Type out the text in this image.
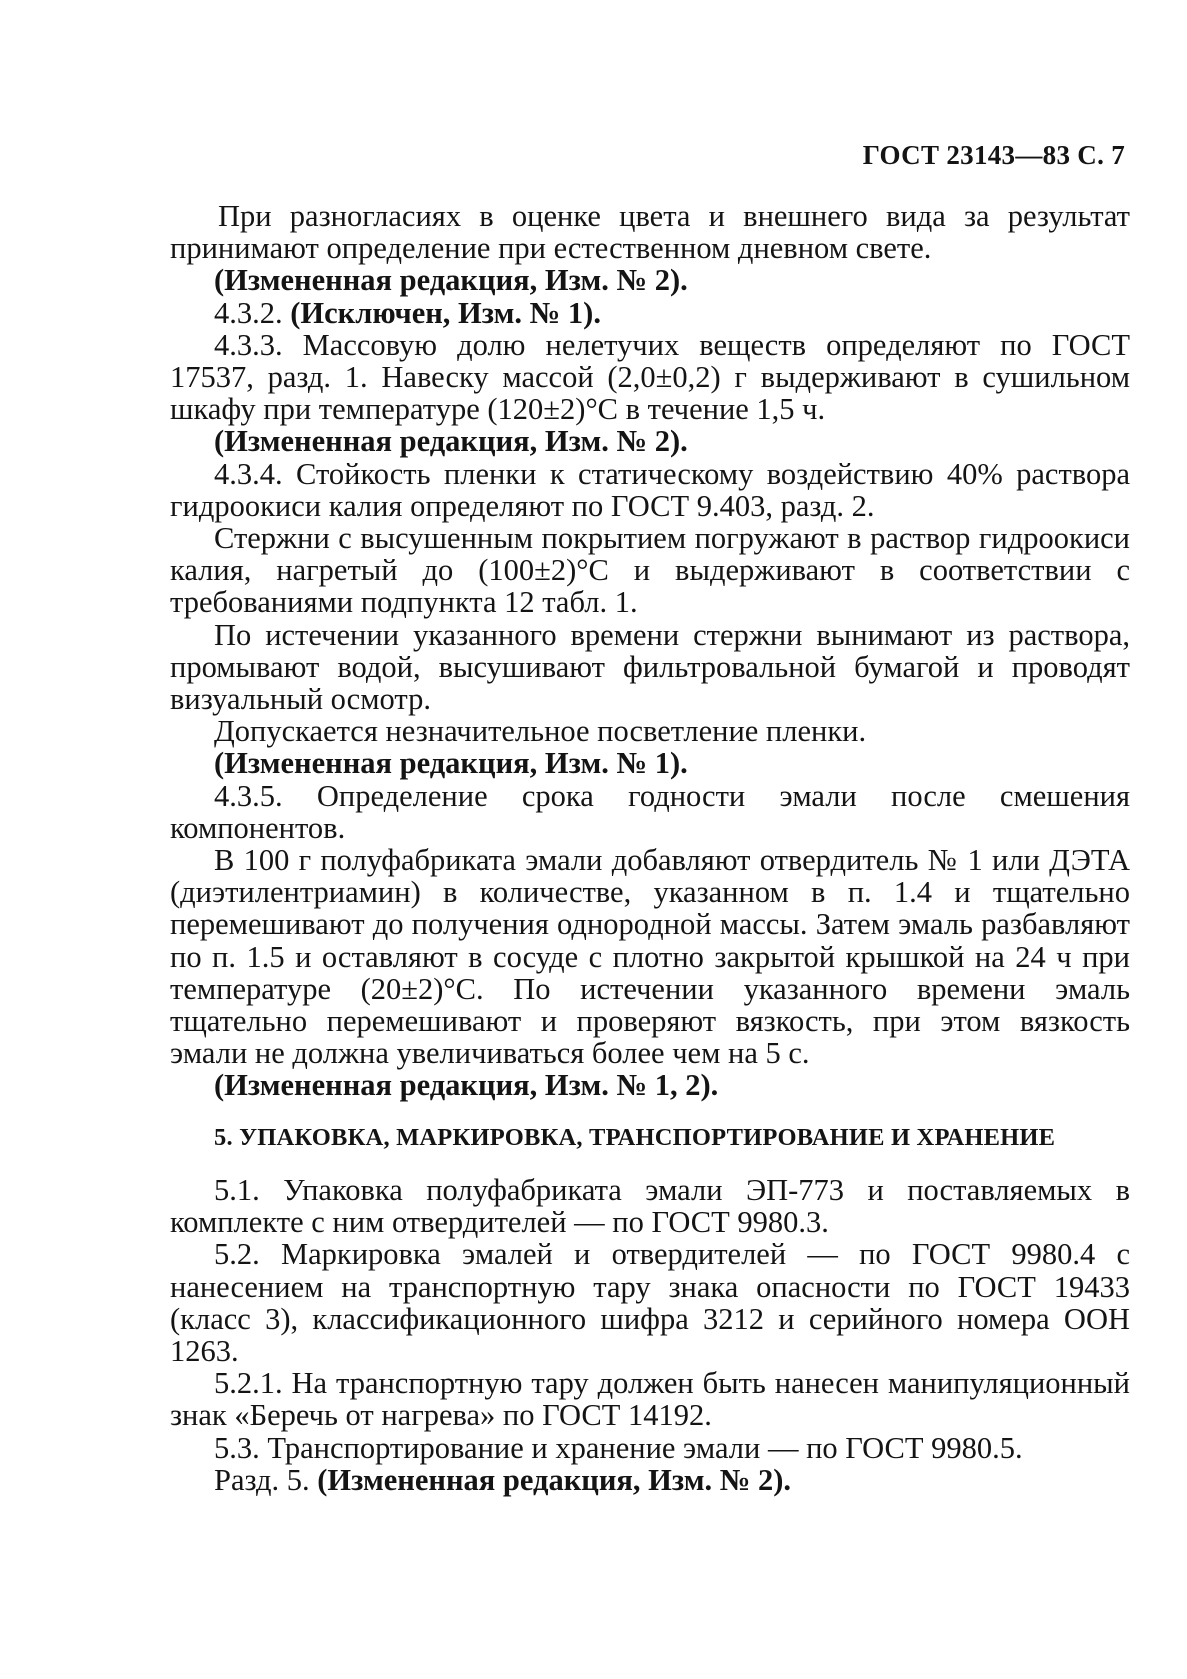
ГОСТ 23143—83 С. 7

При разногласиях в оценке цвета и внешнего вида за результат принимают определение при естественном дневном свете.

(Измененная редакция, Изм. № 2).

4.3.2. (Исключен, Изм. № 1).

4.3.3. Массовую долю нелетучих веществ определяют по ГОСТ 17537, разд. 1. Навеску массой (2,0±0,2) г выдерживают в сушильном шкафу при температуре (120±2)°С в течение 1,5 ч.

(Измененная редакция, Изм. № 2).

4.3.4. Стойкость пленки к статическому воздействию 40% раствора гидроокиси калия определяют по ГОСТ 9.403, разд. 2.

Стержни с высушенным покрытием погружают в раствор гидроокиси калия, нагретый до (100±2)°С и выдерживают в соответствии с требованиями подпункта 12 табл. 1.

По истечении указанного времени стержни вынимают из раствора, промывают водой, высушивают фильтровальной бумагой и проводят визуальный осмотр.

Допускается незначительное посветление пленки.

(Измененная редакция, Изм. № 1).

4.3.5. Определение срока годности эмали после смешения компонентов.

В 100 г полуфабриката эмали добавляют отвердитель № 1 или ДЭТА (диэтилентриамин) в количестве, указанном в п. 1.4 и тщательно перемешивают до получения однородной массы. Затем эмаль разбавляют по п. 1.5 и оставляют в сосуде с плотно закрытой крышкой на 24 ч при температуре (20±2)°С. По истечении указанного времени эмаль тщательно перемешивают и проверяют вязкость, при этом вязкость эмали не должна увеличиваться более чем на 5 с.

(Измененная редакция, Изм. № 1, 2).

5. УПАКОВКА, МАРКИРОВКА, ТРАНСПОРТИРОВАНИЕ И ХРАНЕНИЕ

5.1. Упаковка полуфабриката эмали ЭП-773 и поставляемых в комплекте с ним отвердителей — по ГОСТ 9980.3.

5.2. Маркировка эмалей и отвердителей — по ГОСТ 9980.4 с нанесением на транспортную тару знака опасности по ГОСТ 19433 (класс 3), классификационного шифра 3212 и серийного номера ООН 1263.

5.2.1. На транспортную тару должен быть нанесен манипуляционный знак «Беречь от нагрева» по ГОСТ 14192.

5.3. Транспортирование и хранение эмали — по ГОСТ 9980.5.

Разд. 5. (Измененная редакция, Изм. № 2).
